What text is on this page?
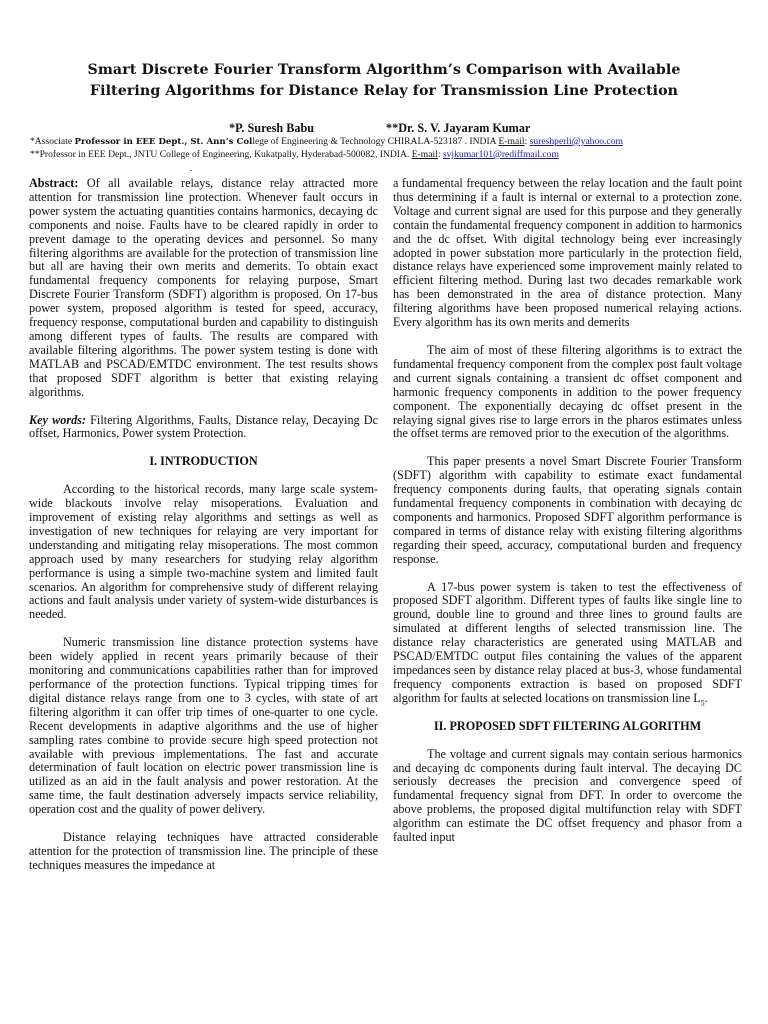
Smart Discrete Fourier Transform Algorithm’s Comparison with Available
Filtering Algorithms for Distance Relay for Transmission Line Protection
*P. Suresh Babu	**Dr. S. V. Jayaram Kumar
*Associate Professor in EEE Dept., St. Ann’s College of Engineering & Technology CHIRALA-523187 . INDIA E-mail: sureshperli@yahoo.com
**Professor in EEE Dept., JNTU College of Engineering, Kukatpally, Hyderabad-500082, INDIA. E-mail: svjkumar101@rediffmail.com
.

Abstract: Of all available relays, distance relay attracted more attention for transmission line protection. Whenever fault occurs in power system the actuating quantities contains harmonics, decaying dc components and noise. Faults have to be cleared rapidly in order to prevent damage to the operating devices and personnel. So many filtering algorithms are available for the protection of transmission line but all are having their own merits and demerits. To obtain exact fundamental frequency components for relaying purpose, Smart Discrete Fourier Transform (SDFT) algorithm is proposed. On 17-bus power system, proposed algorithm is tested for speed, accuracy, frequency response, computational burden and capability to distinguish among different types of faults. The results are compared with available filtering algorithms. The power system testing is done with MATLAB and PSCAD/EMTDC environment. The test results shows that proposed SDFT algorithm is better that existing relaying algorithms.

Key words: Filtering Algorithms, Faults, Distance relay, Decaying Dc offset, Harmonics, Power system Protection.

I. INTRODUCTION

According to the historical records, many large scale system-wide blackouts involve relay misoperations. Evaluation and improvement of existing relay algorithms and settings as well as investigation of new techniques for relaying are very important for understanding and mitigating relay misoperations. The most common approach used by many researchers for studying relay algorithm performance is using a simple two-machine system and limited fault scenarios. An algorithm for comprehensive study of different relaying actions and fault analysis under variety of system-wide disturbances is needed.

Numeric transmission line distance protection systems have been widely applied in recent years primarily because of their monitoring and communications capabilities rather than for improved performance of the protection functions. Typical tripping times for digital distance relays range from one to 3 cycles, with state of art filtering algorithm it can offer trip times of one-quarter to one cycle. Recent developments in adaptive algorithms and the use of higher sampling rates combine to provide secure high speed protection not available with previous implementations. The fast and accurate determination of fault location on electric power transmission line is utilized as an aid in the fault analysis and power restoration. At the same time, the fault destination adversely impacts service reliability, operation cost and the quality of power delivery.

Distance relaying techniques have attracted considerable attention for the protection of transmission line. The principle of these techniques measures the impedance at

a fundamental frequency between the relay location and the fault point thus determining if a fault is internal or external to a protection zone. Voltage and current signal are used for this purpose and they generally contain the fundamental frequency component in addition to harmonics and the dc offset. With digital technology being ever increasingly adopted in power substation more particularly in the protection field, distance relays have experienced some improvement mainly related to efficient filtering method. During last two decades remarkable work has been demonstrated in the area of distance protection. Many filtering algorithms have been proposed numerical relaying actions. Every algorithm has its own merits and demerits

The aim of most of these filtering algorithms is to extract the fundamental frequency component from the complex post fault voltage and current signals containing a transient dc offset component and harmonic frequency components in addition to the power frequency component. The exponentially decaying dc offset present in the relaying signal gives rise to large errors in the pharos estimates unless the offset terms are removed prior to the execution of the algorithms.

This paper presents a novel Smart Discrete Fourier Transform (SDFT) algorithm with capability to estimate exact fundamental frequency components during faults, that operating signals contain fundamental frequency components in combination with decaying dc components and harmonics. Proposed SDFT algorithm performance is compared in terms of distance relay with existing filtering algorithms regarding their speed, accuracy, computational burden and frequency response.

A 17-bus power system is taken to test the effectiveness of proposed SDFT algorithm. Different types of faults like single line to ground, double line to ground and three lines to ground faults are simulated at different lengths of selected transmission line. The distance relay characteristics are generated using MATLAB and PSCAD/EMTDC output files containing the values of the apparent impedances seen by distance relay placed at bus-3, whose fundamental frequency components extraction is based on proposed SDFT algorithm for faults at selected locations on transmission line $L_5$.

II. PROPOSED SDFT FILTERING ALGORITHM

The voltage and current signals may contain serious harmonics and decaying dc components during fault interval. The decaying DC seriously decreases the precision and convergence speed of fundamental frequency signal from DFT. In order to overcome the above problems, the proposed digital multifunction relay with SDFT algorithm can estimate the DC offset frequency and phasor from a faulted input
